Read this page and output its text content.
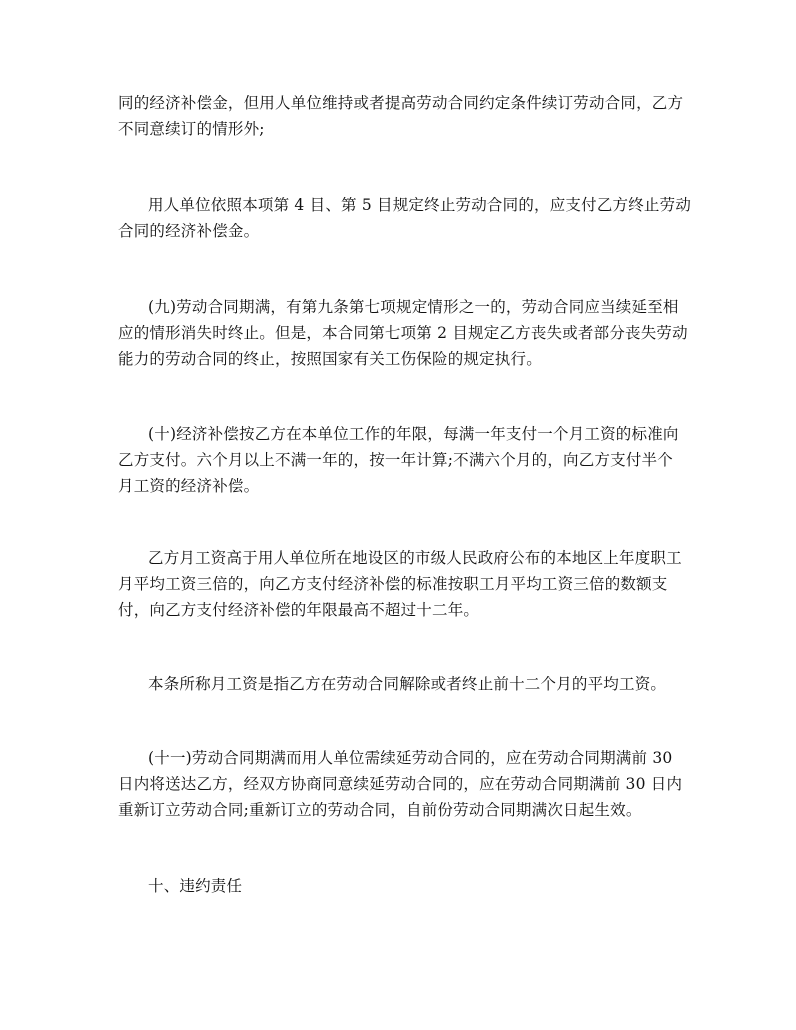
同的经济补偿金，但用人单位维持或者提高劳动合同约定条件续订劳动合同，乙方
不同意续订的情形外;
用人单位依照本项第 4 目、第 5 目规定终止劳动合同的，应支付乙方终止劳动
合同的经济补偿金。
(九)劳动合同期满，有第九条第七项规定情形之一的，劳动合同应当续延至相
应的情形消失时终止。但是，本合同第七项第 2 目规定乙方丧失或者部分丧失劳动
能力的劳动合同的终止，按照国家有关工伤保险的规定执行。
(十)经济补偿按乙方在本单位工作的年限，每满一年支付一个月工资的标准向
乙方支付。六个月以上不满一年的，按一年计算;不满六个月的，向乙方支付半个
月工资的经济补偿。
乙方月工资高于用人单位所在地设区的市级人民政府公布的本地区上年度职工
月平均工资三倍的，向乙方支付经济补偿的标准按职工月平均工资三倍的数额支
付，向乙方支付经济补偿的年限最高不超过十二年。
本条所称月工资是指乙方在劳动合同解除或者终止前十二个月的平均工资。
(十一)劳动合同期满而用人单位需续延劳动合同的，应在劳动合同期满前 30
日内将送达乙方，经双方协商同意续延劳动合同的，应在劳动合同期满前 30 日内
重新订立劳动合同;重新订立的劳动合同，自前份劳动合同期满次日起生效。
十、违约责任
